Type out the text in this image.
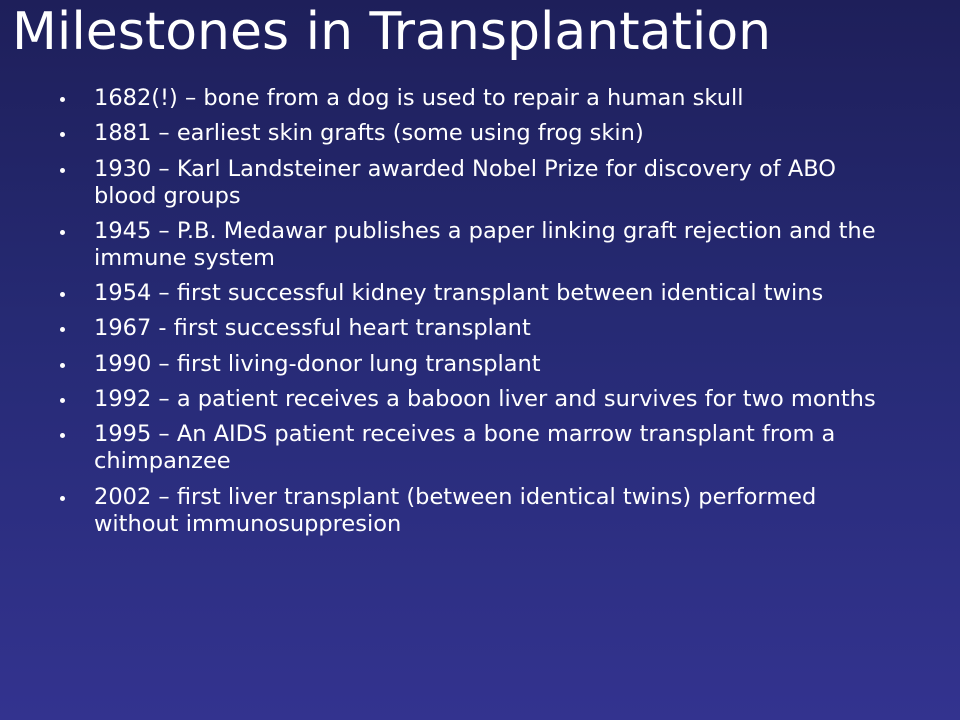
Milestones in Transplantation
1682(!) – bone from a dog is used to repair a human skull
1881 – earliest skin grafts (some using frog skin)
1930 – Karl Landsteiner awarded Nobel Prize for discovery of ABO blood groups
1945 – P.B. Medawar publishes a paper linking graft rejection and the immune system
1954 – first successful kidney transplant between identical twins
1967 - first successful heart transplant
1990 – first living-donor lung transplant
1992 – a patient receives a baboon liver and survives for two months
1995 – An AIDS patient receives a bone marrow transplant from a chimpanzee
2002 – first liver transplant (between identical twins) performed without immunosuppresion
